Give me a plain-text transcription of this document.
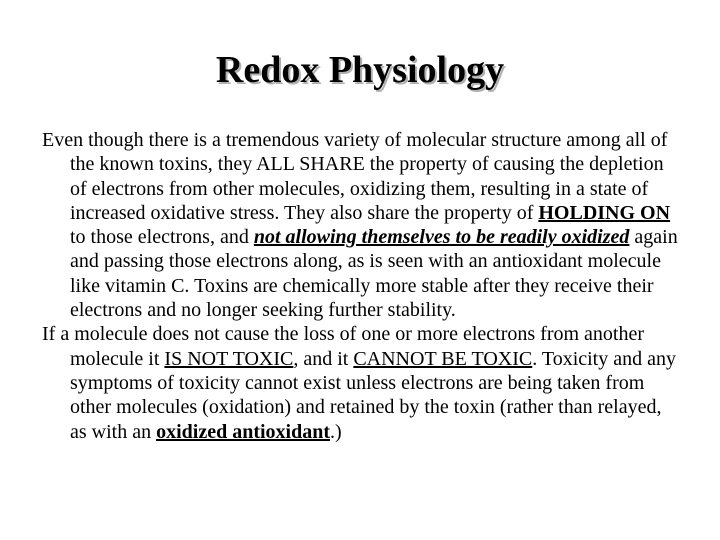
Redox Physiology

Even though there is a tremendous variety of molecular structure among all of the known toxins, they ALL SHARE the property of causing the depletion of electrons from other molecules, oxidizing them, resulting in a state of increased oxidative stress. They also share the property of HOLDING ON to those electrons, and not allowing themselves to be readily oxidized again and passing those electrons along, as is seen with an antioxidant molecule like vitamin C. Toxins are chemically more stable after they receive their electrons and no longer seeking further stability.

If a molecule does not cause the loss of one or more electrons from another molecule it IS NOT TOXIC, and it CANNOT BE TOXIC. Toxicity and any symptoms of toxicity cannot exist unless electrons are being taken from other molecules (oxidation) and retained by the toxin (rather than relayed, as with an oxidized antioxidant.)
